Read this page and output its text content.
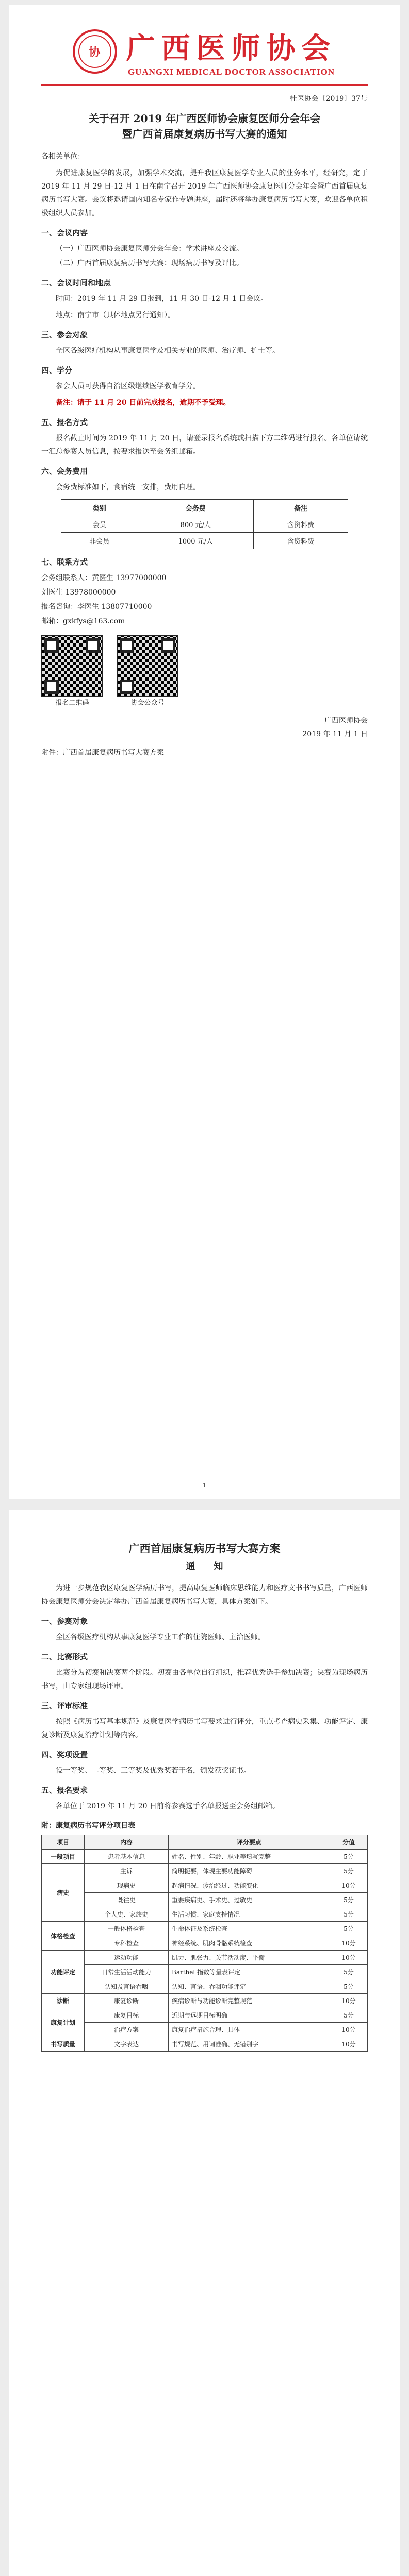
协 广西医师协会
GUANGXI MEDICAL DOCTOR ASSOCIATION
桂医协会〔2019〕37号
关于召开 2019 年广西医师协会康复医师分会年会
暨广西首届康复病历书写大赛的通知

各相关单位：

为促进康复医学的发展，加强学术交流，提升我区康复医学专业人员的业务水平，经研究，定于 2019 年 11 月 29 日-12 月 1 日在南宁召开 2019 年广西医师协会康复医师分会年会暨广西首届康复病历书写大赛。会议将邀请国内知名专家作专题讲座，届时还将举办康复病历书写大赛，欢迎各单位积极组织人员参加。

一、会议内容
（一）广西医师协会康复医师分会年会：学术讲座及交流。
（二）广西首届康复病历书写大赛：现场病历书写及评比。
二、会议时间和地点

时间：2019 年 11 月 29 日报到，11 月 30 日-12 月 1 日会议。

地点：南宁市（具体地点另行通知）。

三、参会对象

全区各级医疗机构从事康复医学及相关专业的医师、治疗师、护士等。

四、学分

参会人员可获得自治区级继续医学教育学分。

备注：请于 11 月 20 日前完成报名，逾期不予受理。

五、报名方式

报名截止时间为 2019 年 11 月 20 日，请登录报名系统或扫描下方二维码进行报名。各单位请统一汇总参赛人员信息，按要求报送至会务组邮箱。

六、会务费用

会务费标准如下，食宿统一安排，费用自理。

类别	会务费	备注
会员	800 元/人	含资料费
非会员	1000 元/人	含资料费
七、联系方式
会务组联系人：黄医生 13977000000
刘医生 13978000000
报名咨询：李医生 13807710000
邮箱：gxkfys@163.com
报名二维码	协会公众号
广西医师协会
2019 年 11 月 1 日
附件：广西首届康复病历书写大赛方案
1
广西首届康复病历书写大赛方案
通　　知

为进一步规范我区康复医学病历书写，提高康复医师临床思维能力和医疗文书书写质量，广西医师协会康复医师分会决定举办广西首届康复病历书写大赛，具体方案如下。

一、参赛对象

全区各级医疗机构从事康复医学专业工作的住院医师、主治医师。

二、比赛形式

比赛分为初赛和决赛两个阶段。初赛由各单位自行组织，推荐优秀选手参加决赛；决赛为现场病历书写，由专家组现场评审。

三、评审标准

按照《病历书写基本规范》及康复医学病历书写要求进行评分，重点考查病史采集、功能评定、康复诊断及康复治疗计划等内容。

四、奖项设置

设一等奖、二等奖、三等奖及优秀奖若干名，颁发获奖证书。

五、报名要求

各单位于 2019 年 11 月 20 日前将参赛选手名单报送至会务组邮箱。

附：康复病历书写评分项目表
项目	内容	评分要点	分值
一般项目	患者基本信息	姓名、性别、年龄、职业等填写完整	5分
病史	主诉	简明扼要，体现主要功能障碍	5分
	现病史	起病情况、诊治经过、功能变化	10分
	既往史	重要疾病史、手术史、过敏史	5分
	个人史、家族史	生活习惯、家庭支持情况	5分
体格检查	一般体格检查	生命体征及系统检查	5分
	专科检查	神经系统、肌肉骨骼系统检查	10分
功能评定	运动功能	肌力、肌张力、关节活动度、平衡	10分
	日常生活活动能力	Barthel 指数等量表评定	5分
	认知及言语吞咽	认知、言语、吞咽功能评定	5分
诊断	康复诊断	疾病诊断与功能诊断完整规范	10分
康复计划	康复目标	近期与远期目标明确	5分
	治疗方案	康复治疗措施合理、具体	10分
书写质量	文字表达	书写规范、用词准确、无错别字	10分
